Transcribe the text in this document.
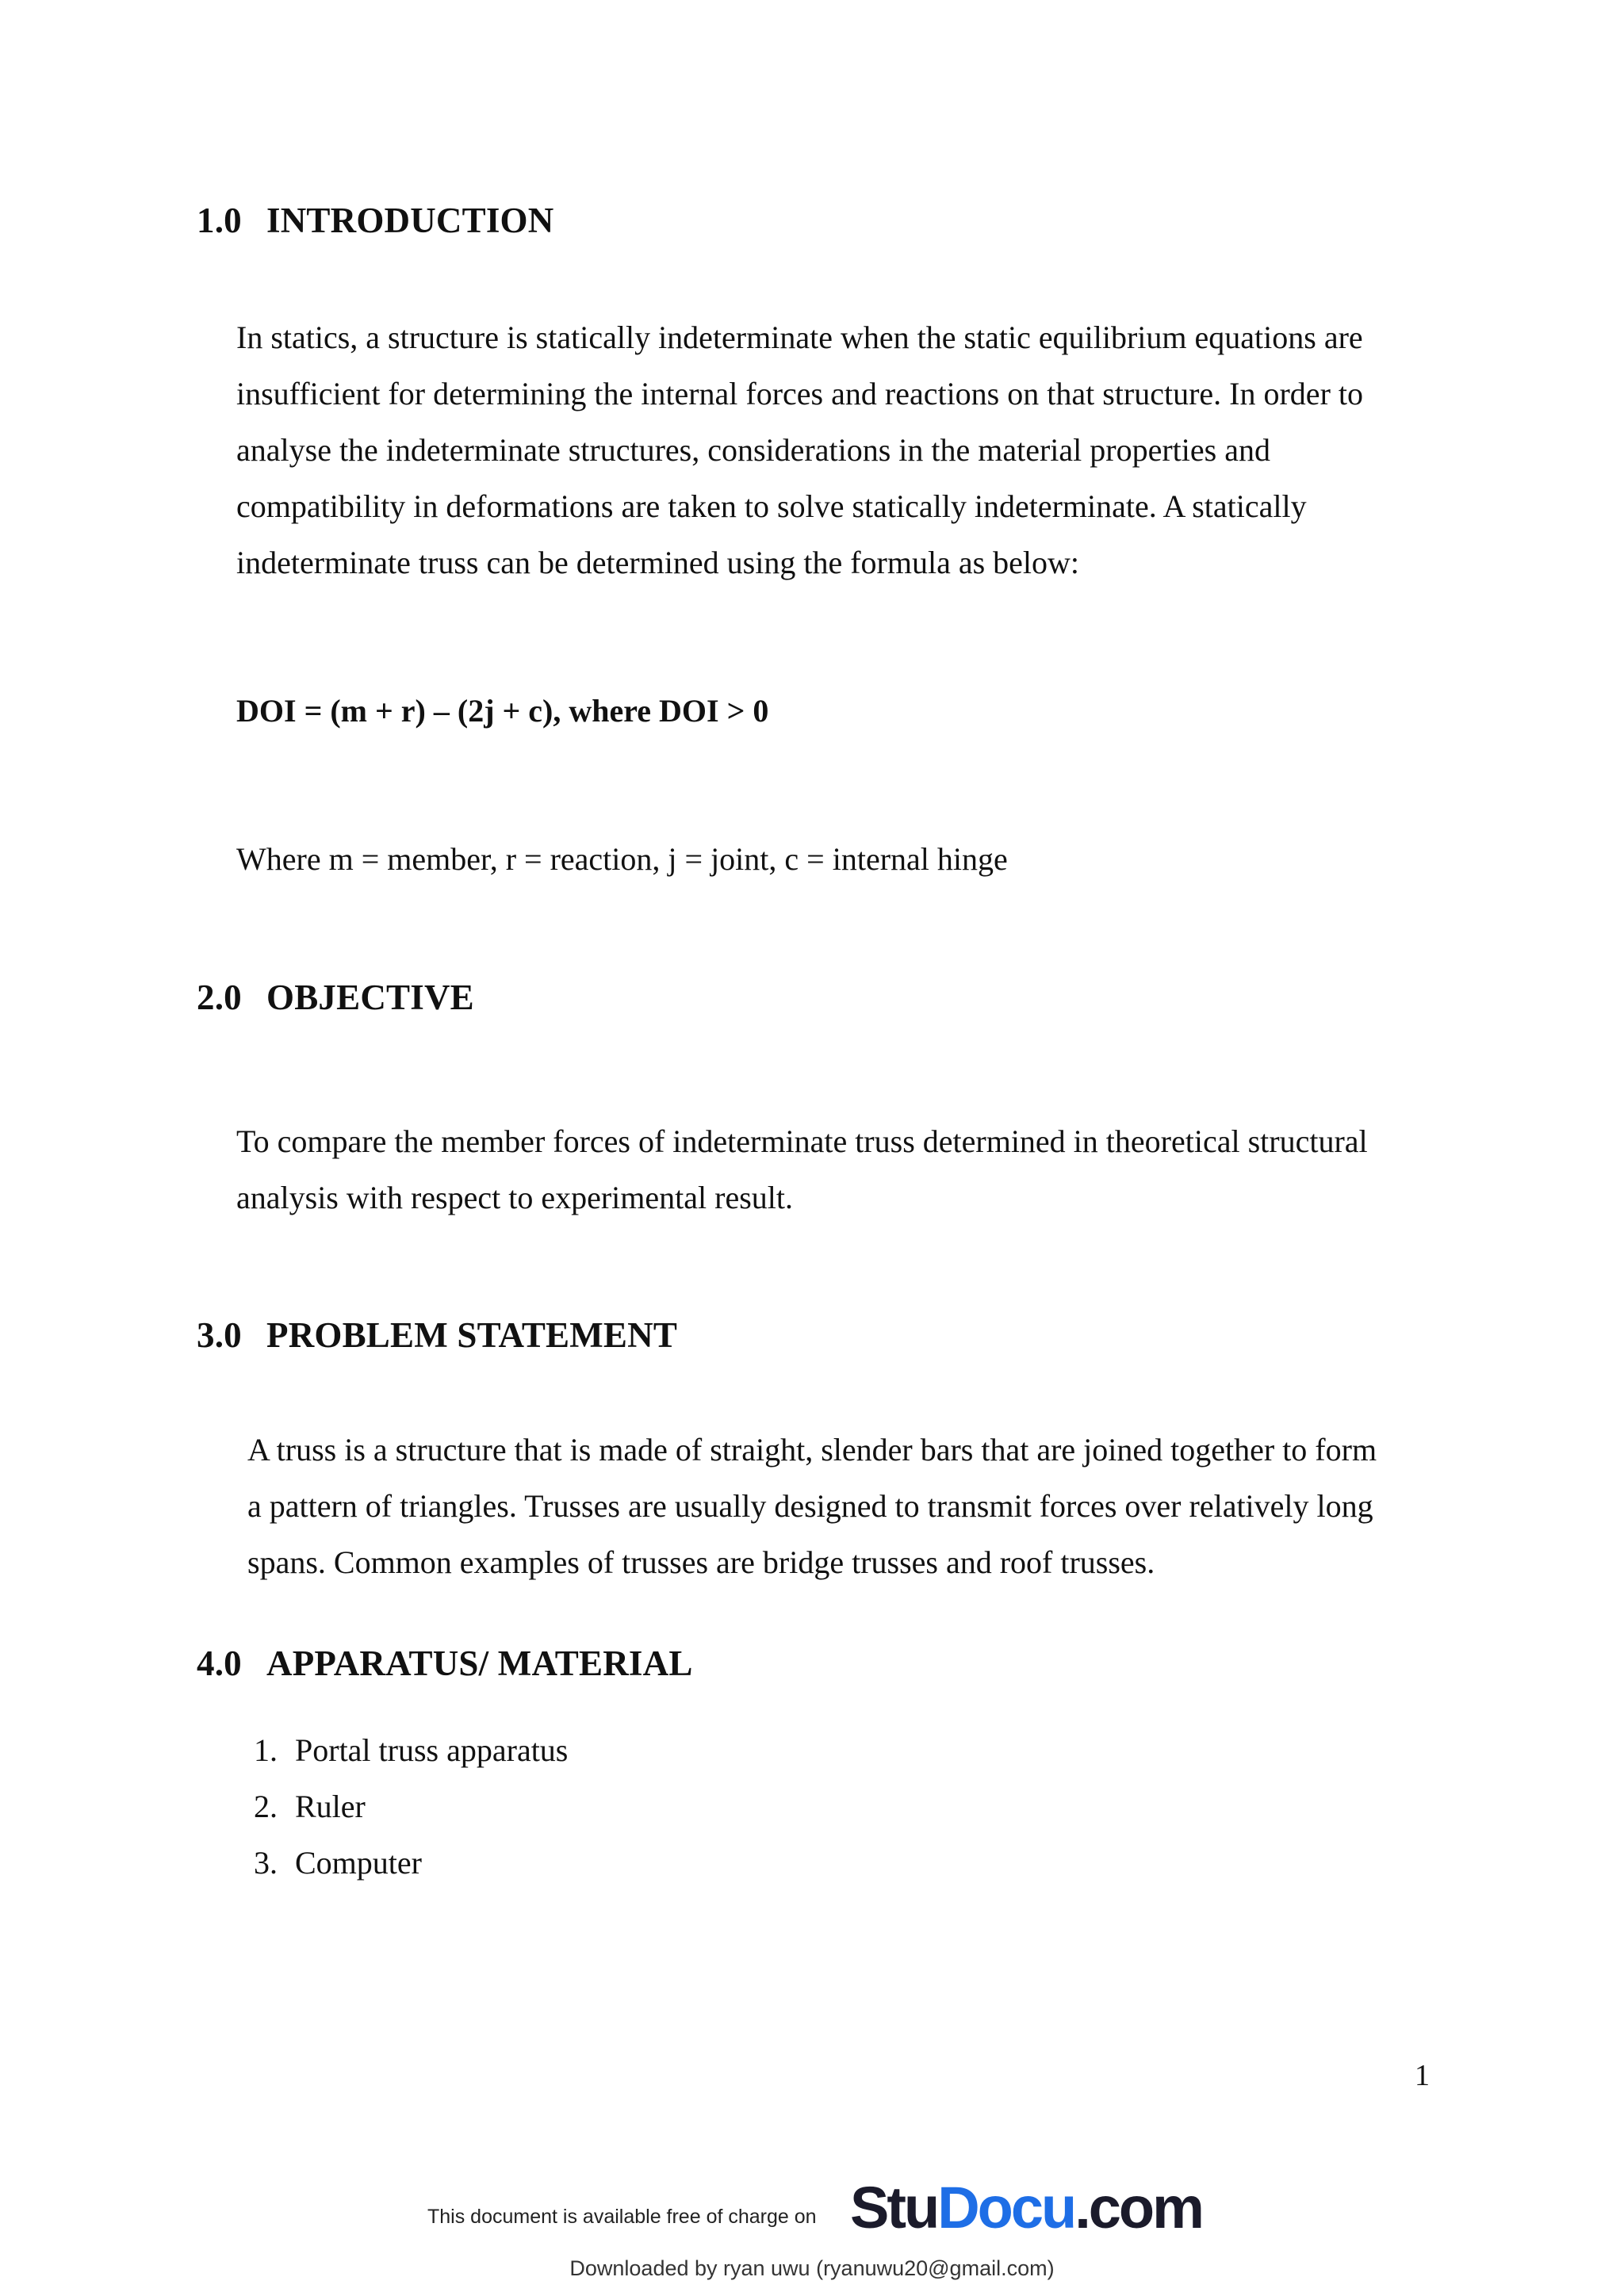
1.0 INTRODUCTION
In statics, a structure is statically indeterminate when the static equilibrium equations are
insufficient for determining the internal forces and reactions on that structure. In order to
analyse the indeterminate structures, considerations in the material properties and
compatibility in deformations are taken to solve statically indeterminate. A statically
indeterminate truss can be determined using the formula as below:
DOI = (m + r) – (2j + c), where DOI > 0
Where m = member, r = reaction, j = joint, c = internal hinge
2.0 OBJECTIVE
To compare the member forces of indeterminate truss determined in theoretical structural
analysis with respect to experimental result.
3.0 PROBLEM STATEMENT
A truss is a structure that is made of straight, slender bars that are joined together to form
a pattern of triangles. Trusses are usually designed to transmit forces over relatively long
spans. Common examples of trusses are bridge trusses and roof trusses.
4.0 APPARATUS/ MATERIAL
1. Portal truss apparatus
2. Ruler
3. Computer
1
This document is available free of charge on StuDocu.com
Downloaded by ryan uwu (ryanuwu20@gmail.com)
